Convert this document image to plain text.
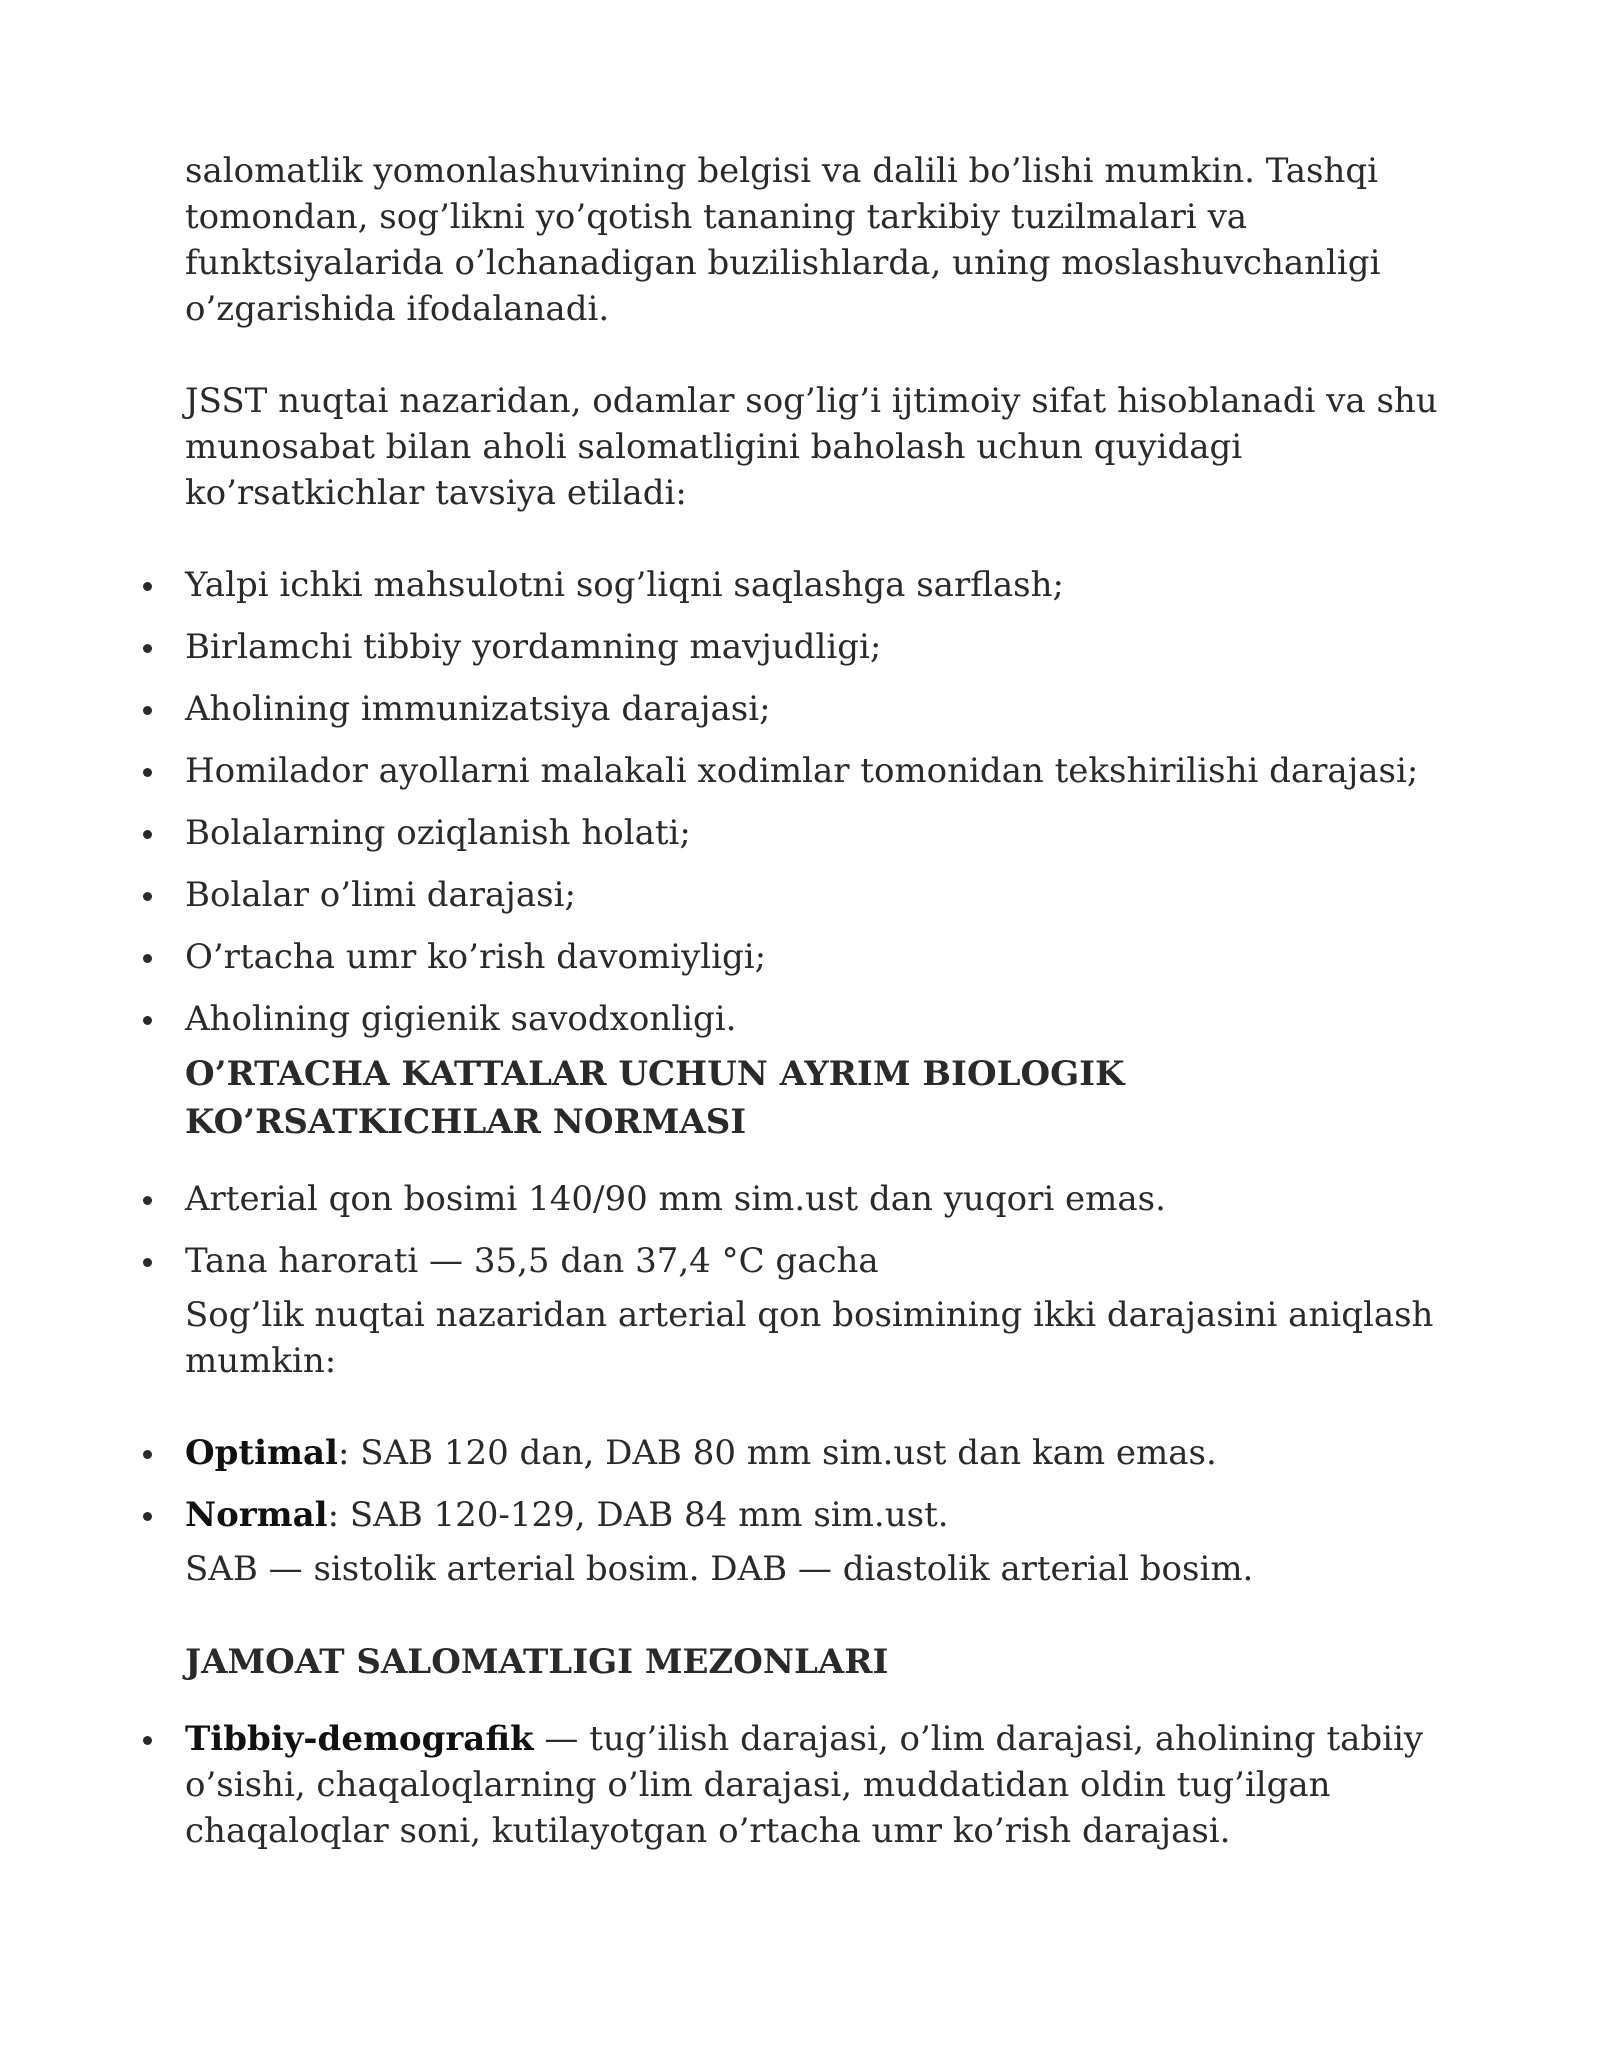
salomatlik yomonlashuvining belgisi va dalili bo’lishi mumkin. Tashqi tomondan, sog’likni yo’qotish tananing tarkibiy tuzilmalari va funktsiyalarida o’lchanadigan buzilishlarda, uning moslashuvchanligi o’zgarishida ifodalanadi.

JSST nuqtai nazaridan, odamlar sog’lig’i ijtimoiy sifat hisoblanadi va shu munosabat bilan aholi salomatligini baholash uchun quyidagi ko’rsatkichlar tavsiya etiladi:

Yalpi ichki mahsulotni sog’liqni saqlashga sarflash;
Birlamchi tibbiy yordamning mavjudligi;
Aholining immunizatsiya darajasi;
Homilador ayollarni malakali xodimlar tomonidan tekshirilishi darajasi;
Bolalarning oziqlanish holati;
Bolalar o’limi darajasi;
O’rtacha umr ko’rish davomiyligi;
Aholining gigienik savodxonligi.
O’RTACHA KATTALAR UCHUN AYRIM BIOLOGIK KO’RSATKICHLAR NORMASI
Arterial qon bosimi 140/90 mm sim.ust dan yuqori emas.
Tana harorati — 35,5 dan 37,4 °C gacha

Sog’lik nuqtai nazaridan arterial qon bosimining ikki darajasini aniqlash mumkin:

Optimal: SAB 120 dan, DAB 80 mm sim.ust dan kam emas.
Normal: SAB 120-129, DAB 84 mm sim.ust.

SAB — sistolik arterial bosim. DAB — diastolik arterial bosim.

JAMOAT SALOMATLIGI MEZONLARI
Tibbiy-demografik — tug’ilish darajasi, o’lim darajasi, aholining tabiiy o’sishi, chaqaloqlarning o’lim darajasi, muddatidan oldin tug’ilgan chaqaloqlar soni, kutilayotgan o’rtacha umr ko’rish darajasi.
